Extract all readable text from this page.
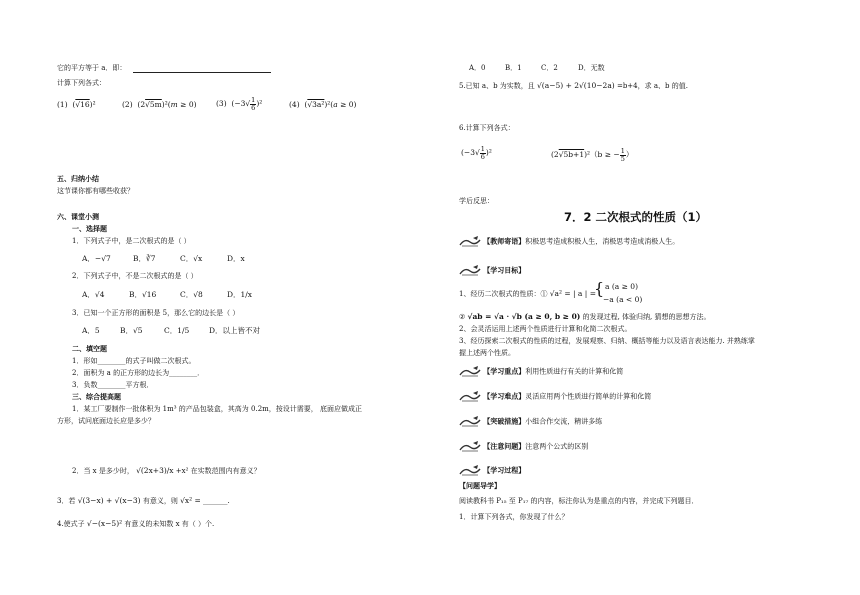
它的平方等于 a．即：
计算下列各式：
(1) (√16)²	(2) (2√5m)²(m ≥ 0)	(3) $(-3√ \frac{1}{6} )^2$	(4) (√3a²)²(a ≥ 0)
五、归纳小结
这节课你都有哪些收获？
六、课堂小测
一、选择题
1．下列式子中，是二次根式的是（ ）
A．−√7	B．∛7	C．√x	D．x
2．下列式子中，不是二次根式的是（ ）
A．√4	B．√16	C．√8	D．1/x
3．已知一个正方形的面积是 5，那么它的边长是（ ）
A．5	B．√5	C．1/5	D．以上皆不对
二、填空题
1．形如________的式子叫做二次根式。
2．面积为 a 的正方形的边长为________．
3．负数________平方根．
三、综合提高题
1．某工厂要制作一批体积为 1m³ 的产品包装盒，其高为 0.2m，按设计需要， 底面应做成正
方形，试问底面边长应是多少？
2．当 x 是多少时， √(2x+3)/x +x² 在实数范围内有意义？
3．若 √(3−x) + √(x−3) 有意义，则 √x² = _______.
4.使式子 √−(x−5)² 有意义的未知数 x 有（ ）个.
A．0	B．1	C．2	D．无数
5.已知 a、b 为实数，且 √(a−5) + 2√(10−2a) =b+4，求 a、b 的值.
6.计算下列各式：
$(-3√ \frac{1}{6} )^2$	(2√5b+1)²（b ≥ − $\frac{1}{5}$ ）
学后反思：
7．2 二次根式的性质（1）
【教师寄语】积极思考造成积极人生，消极思考造成消极人生。
【学习目标】
1、经历二次根式的性质：① √a² = | a | =
{ a (a ≥ 0)
−a (a < 0)
② √ab = √a · √b (a ≥ 0, b ≥ 0) 的发现过程, 体验归纳, 猜想的思想方法。
2、会灵活运用上述两个性质进行计算和化简二次根式。
3、经历探索二次根式的性质的过程，发展观察、归纳、概括等能力以及语言表达能力. 并熟练掌
握上述两个性质。
【学习重点】利用性质进行有关的计算和化简
【学习难点】灵活应用两个性质进行简单的计算和化简
【突破措施】小组合作交流，精讲多练
【注意问题】注意两个公式的区别
【学习过程】
【问题导学】
阅读教科书 P₁₅ 至 P₁₇ 的内容，标注你认为是重点的内容，并完成下列题目．
1．计算下列各式，你发现了什么？
